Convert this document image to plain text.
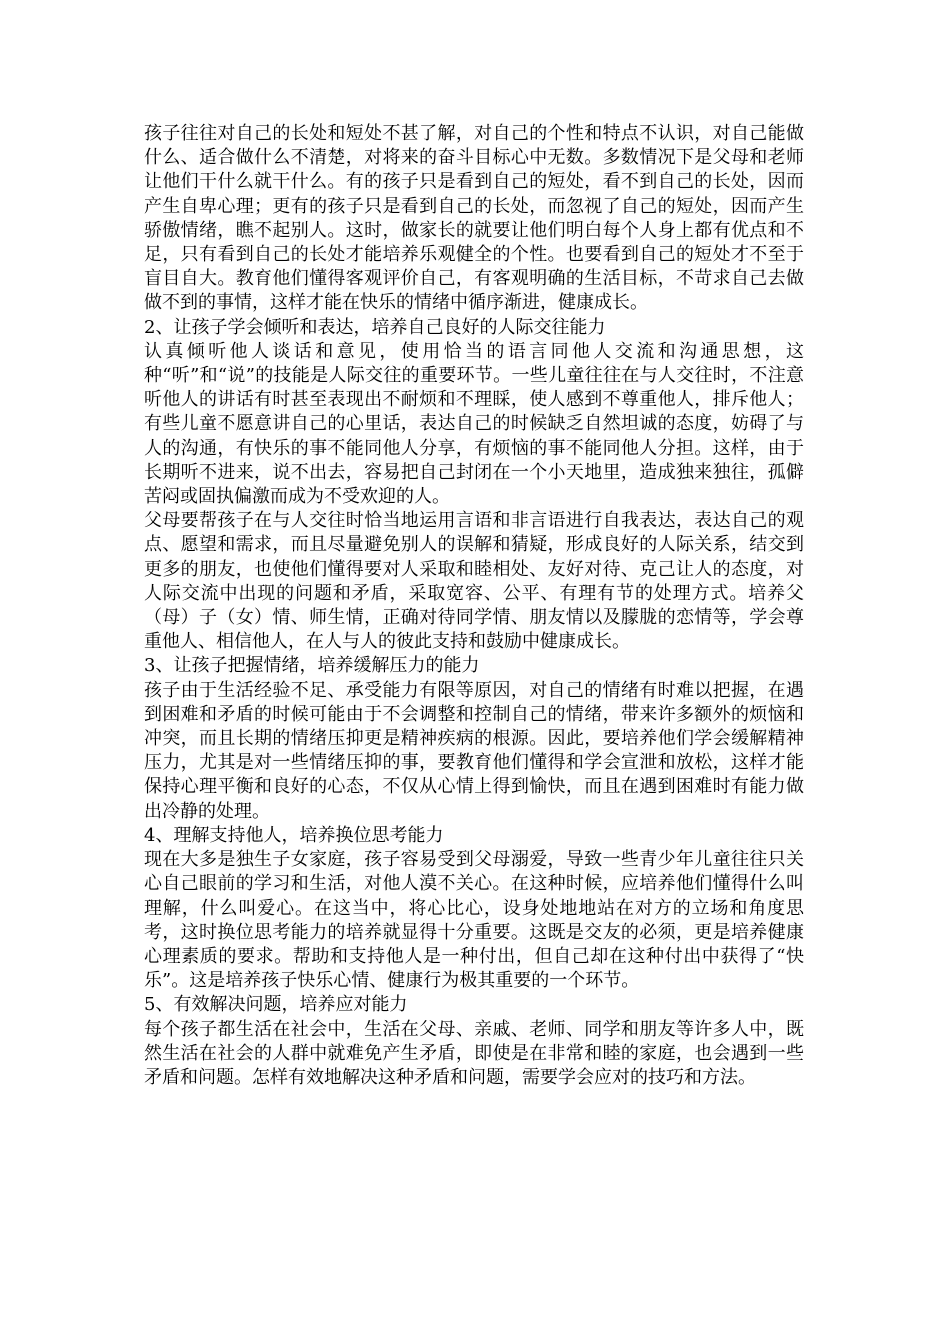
孩子往往对自己的长处和短处不甚了解，对自己的个性和特点不认识，对自己能做什么、适合做什么不清楚，对将来的奋斗目标心中无数。多数情况下是父母和老师让他们干什么就干什么。有的孩子只是看到自己的短处，看不到自己的长处，因而产生自卑心理；更有的孩子只是看到自己的长处，而忽视了自己的短处，因而产生骄傲情绪，瞧不起别人。这时，做家长的就要让他们明白每个人身上都有优点和不足，只有看到自己的长处才能培养乐观健全的个性。也要看到自己的短处才不至于盲目自大。教育他们懂得客观评价自己，有客观明确的生活目标，不苛求自己去做做不到的事情，这样才能在快乐的情绪中循序渐进，健康成长。

2、让孩子学会倾听和表达，培养自己良好的人际交往能力

认真倾听他人谈话和意见，使用恰当的语言同他人交流和沟通思想，这种“听”和“说”的技能是人际交往的重要环节。一些儿童往往在与人交往时，不注意听他人的讲话有时甚至表现出不耐烦和不理睬，使人感到不尊重他人，排斥他人；有些儿童不愿意讲自己的心里话，表达自己的时候缺乏自然坦诚的态度，妨碍了与人的沟通，有快乐的事不能同他人分享，有烦恼的事不能同他人分担。这样，由于长期听不进来，说不出去，容易把自己封闭在一个小天地里，造成独来独往，孤僻苦闷或固执偏激而成为不受欢迎的人。

父母要帮孩子在与人交往时恰当地运用言语和非言语进行自我表达，表达自己的观点、愿望和需求，而且尽量避免别人的误解和猜疑，形成良好的人际关系，结交到更多的朋友，也使他们懂得要对人采取和睦相处、友好对待、克己让人的态度，对人际交流中出现的问题和矛盾，采取宽容、公平、有理有节的处理方式。培养父（母）子（女）情、师生情，正确对待同学情、朋友情以及朦胧的恋情等，学会尊重他人、相信他人，在人与人的彼此支持和鼓励中健康成长。

3、让孩子把握情绪，培养缓解压力的能力

孩子由于生活经验不足、承受能力有限等原因，对自己的情绪有时难以把握，在遇到困难和矛盾的时候可能由于不会调整和控制自己的情绪，带来许多额外的烦恼和冲突，而且长期的情绪压抑更是精神疾病的根源。因此，要培养他们学会缓解精神压力，尤其是对一些情绪压抑的事，要教育他们懂得和学会宣泄和放松，这样才能保持心理平衡和良好的心态，不仅从心情上得到愉快，而且在遇到困难时有能力做出冷静的处理。

4、理解支持他人，培养换位思考能力

现在大多是独生子女家庭，孩子容易受到父母溺爱，导致一些青少年儿童往往只关心自己眼前的学习和生活，对他人漠不关心。在这种时候，应培养他们懂得什么叫理解，什么叫爱心。在这当中，将心比心，设身处地地站在对方的立场和角度思考，这时换位思考能力的培养就显得十分重要。这既是交友的必须，更是培养健康心理素质的要求。帮助和支持他人是一种付出，但自己却在这种付出中获得了“快乐”。这是培养孩子快乐心情、健康行为极其重要的一个环节。

5、有效解决问题，培养应对能力

每个孩子都生活在社会中，生活在父母、亲戚、老师、同学和朋友等许多人中，既然生活在社会的人群中就难免产生矛盾，即使是在非常和睦的家庭，也会遇到一些矛盾和问题。怎样有效地解决这种矛盾和问题，需要学会应对的技巧和方法。
